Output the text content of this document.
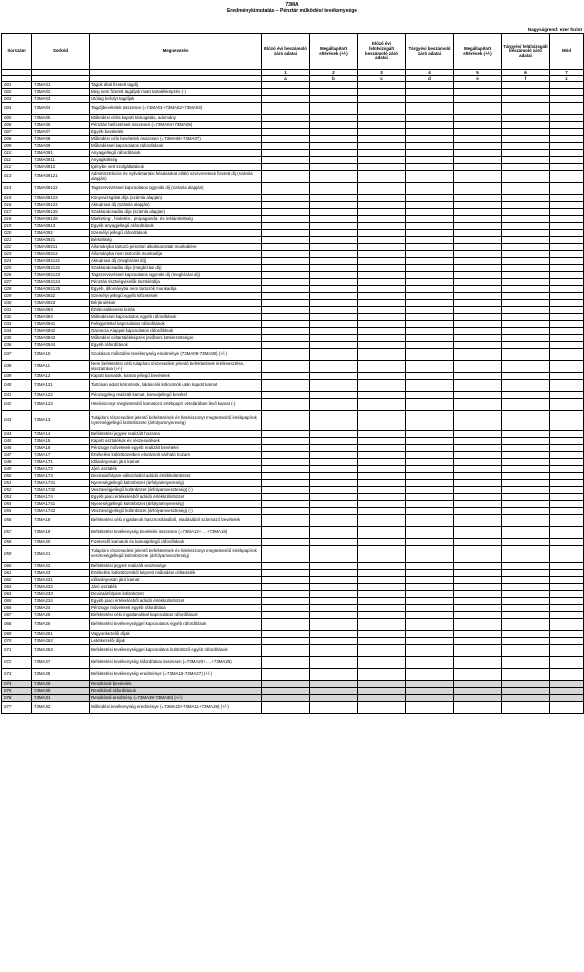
73MA
Eredménykimutatás – Pénztár működési tevékenysége
Nagyságrend: ezer forint
Sorszám	Sorkód	Megnevezés	Előző évi beszámoló záró adatai	Megállapított eltérések (+/-)	Előző évi felülvizsgált beszámoló záró adatai	Tárgyévi beszámoló záró adatai	Megállapított eltérések (+/-)	Tárgyévi felülvizsgált beszámoló záró adatai	Mód
			1	2	3	4	5	6	7
			a	b	c	d	e	f	z
001	73MA01	Tagok által fizetett tagdíj							
002	73MA02	Meg nem fizetett tagdíjak miatt tartalékképzés (-)							
003	73MA03	Utólag befolyt tagdíjak							
004	73MA04	Tagdíjbevételek összesen (=73MA01+73MA02+73MA03)							
005	73MA05	Működési célra kapott támogatás, adomány							
006	73MA06	Pénztári befizetések összesen (=73MA04+73MA05)							
007	73MA07	Egyéb bevételek							
008	73MA08	Működési célú bevételek összesen (=73MA06+73MA07)							
009	73MA09	Működéssel kapcsolatos ráfordítások							
010	73MA091	Anyagjellegű ráfordítások							
011	73MA0911	Anyagköltség							
012	73MA0912	Igénybe vett szolgáltatások							
013	73MA09121	Adminisztrációs és nyilvántartási feladatokat ellátó szervezetnek fizetett díj (számla alapján)							
014	73MA09122	Tagszervezéssel kapcsolatos ügynöki díj (számla alapján)							
015	73MA09123	Könyvvizsgálat díja (számla alapján)							
016	73MA09124	Aktuáriusi díj (számla alapján)							
017	73MA09125	Szaktanácsadás díja (számla alapján)							
018	73MA09126	Marketing-, hirdetés-, propaganda- és reklámköltség							
019	73MA0913	Egyéb anyagjellegű ráfordítások							
020	73MA092	Személyi jellegű ráfordítások							
021	73MA0921	Bérköltség							
022	73MA09211	Állományba tartozó pénztári alkalmazottak munkabére							
023	73MA09212	Állományba nem tartozók munkadíja							
024	73MA092121	Aktuáriusi díj (megbízási díj)							
025	73MA092122	Szaktanácsadás díja (megbízási díj)							
026	73MA092123	Tagszervezéssel kapcsolatos ügynöki díj (megbízási díj)							
027	73MA092124	Pénztári tisztségviselők tiszteletdíja							
028	73MA092125	Egyéb, állományba nem tartozók munkadíja							
029	73MA0922	Személyi jellegű egyéb kifizetések							
030	73MA0923	Bérjárulékok							
031	73MA093	Értékcsökkenési leírás							
032	73MA094	Működéssel kapcsolatos egyéb ráfordítások							
033	73MA0941	Felügyelettel kapcsolatos ráfordítások							
034	73MA0942	Garancia Alappal kapcsolatos ráfordítások							
035	73MA0943	Működési céltartalékképzés jövőbeni kötelezettségre							
036	73MA0944	Egyéb ráfordítások							
037	73MA10	Szokásos működési tevékenység eredménye (73MA08-73MA09) (+/-)							
038	73MA11	Nem befektetési célú tulajdoni részesedést jelentő befektetések értékvesztése, visszaírása (+/-)							
039	73MA12	Kapott kamatok, kamat jellegű bevételek							
040	73MA121	Tartósan adott kölcsönök, lakáscélú kölcsönök után kapott kamat							
041	73MA122	Pénzügyileg realizált kamat, kamatjellegű bevétel							
042	73MA123	Hitelviszonyt megtestesítő kamatozó értékpapír vételárában lévő kamat (-)							
043	73MA13	Tulajdoni részesedést jelentő befektetések és hitelviszonyt megtestesítő értékpapírok nyereségjellegű különbözete (árfolyamnyereség)							
044	73MA14	Befektetési jegyek realizált hozama							
045	73MA15	Kapott osztalékok és részesedések							
046	73MA16	Pénzügyi műveletek egyéb realizált bevételei							
047	73MA17	Értékelési különbözetben elszámolt várható hozam							
048	73MA171	Időarányosan járó kamat							
049	73MA172	Járó osztalék							
050	73MA173	Devizaárfolyam-változásból adódó értékkülönbözet							
051	73MA1731	Nyereségjellegű különbözet (árfolyamnyereség)							
052	73MA1732	Veszteségjellegű különbözet (árfolyamveszteség) (-)							
053	73MA174	Egyéb piaci értékelésből adódó értékkülönbözet							
054	73MA1741	Nyereségjellegű különbözet (árfolyamnyereség)							
055	73MA1742	Veszteségjellegű különbözet (árfolyamveszteség) (-)							
056	73MA18	Befektetési célú ingatlanok hasznosításából, eladásából származó bevételek							
057	73MA19	Befektetési tevékenység bevételei összesen (=73MA12+….+73MA18)							
058	73MA20	Fizetendő kamatok és kamatjellegű ráfordítások							
059	73MA21	Tulajdoni részesedést jelentő befektetések és hitelviszonyt megtestesítő értékpapírok veszteségjellegű különbözete (árfolyamveszteség)							
060	73MA22	Befektetési jegyek realizált vesztesége							
061	73MA23	Értékelési különbözetből képzett működési céltartalék							
062	73MA231	Időarányosan járó kamat							
063	73MA232	Járó osztalék							
064	73MA233	Devizaárfolyam különbözet							
065	73MA234	Egyéb piaci értékelésből adódó értékkülönbözet							
066	73MA24	Pénzügyi műveletek egyéb ráfordítása							
067	73MA25	Befektetési célú ingatlanokkal kapcsolatos ráfordítások							
068	73MA26	Befektetési tevékenységgel kapcsolatos egyéb ráfordítások							
069	73MA261	Vagyonkezelői díjak							
070	73MA262	Letétkezelői díjak							
071	73MA263	Befektetési tevékenységgel kapcsolatos különböző egyéb ráfordítások							
072	73MA27	Befektetési tevékenység ráfordításai összesen (=73MA20+….+73MA26)							
073	73MA28	Befektetési tevékenység eredménye (=73MA19-73MA27) (+/-)							
074	73MA29	Rendkívüli bevételek							
075	73MA30	Rendkívüli ráfordítások							
076	73MA31	Rendkívüli eredmény (=73MA29-73MA30) (+/-)							
077	73MA32	Működési tevékenység eredménye (=73MA10+73MA11+73MA28) (+/-)							
